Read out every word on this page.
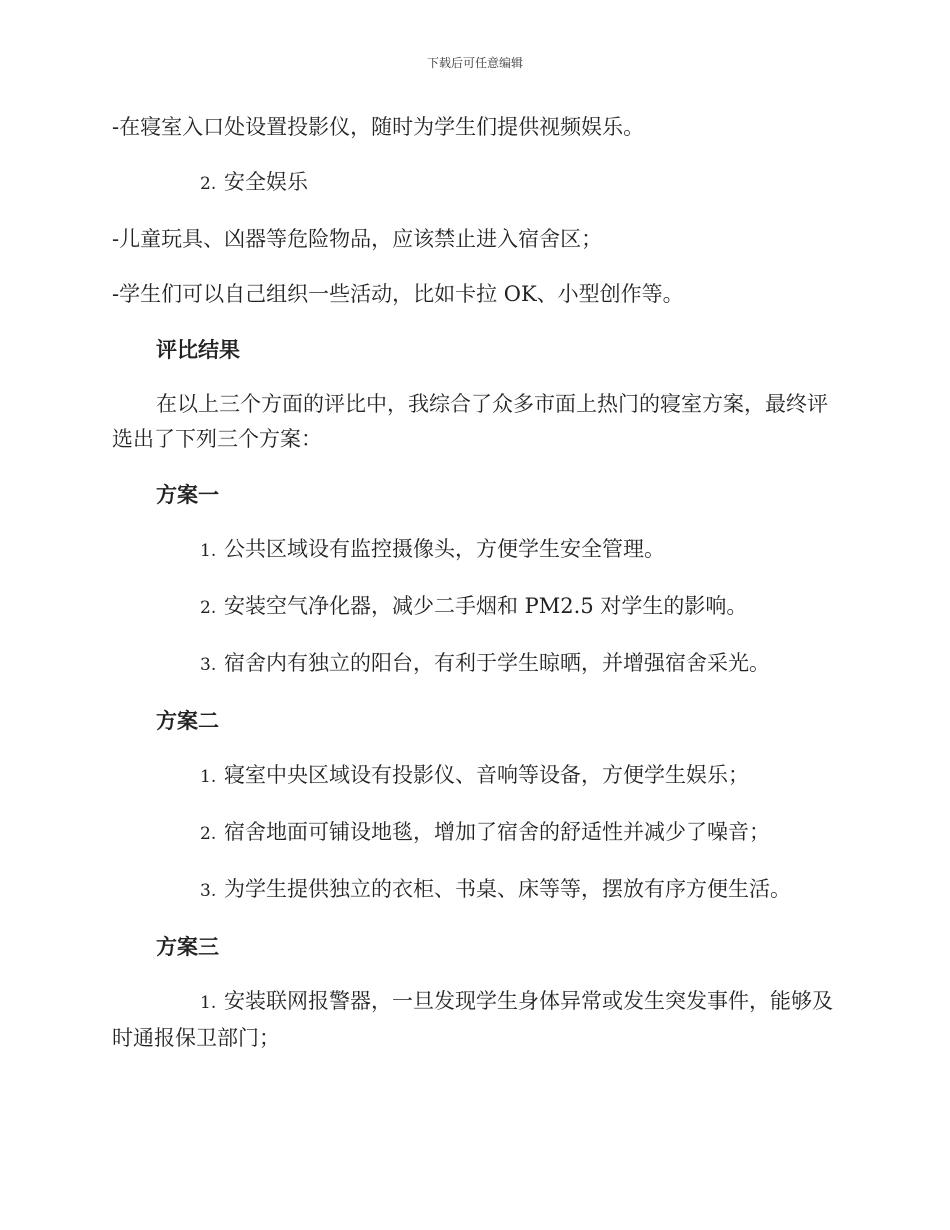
下载后可任意编辑

-在寝室入口处设置投影仪，随时为学生们提供视频娱乐。

2. 安全娱乐

-儿童玩具、凶器等危险物品，应该禁止进入宿舍区；

-学生们可以自己组织一些活动，比如卡拉 OK、小型创作等。

评比结果

在以上三个方面的评比中，我综合了众多市面上热门的寝室方案，最终评选出了下列三个方案：

方案一

1. 公共区域设有监控摄像头，方便学生安全管理。

2. 安装空气净化器，减少二手烟和 PM2.5 对学生的影响。

3. 宿舍内有独立的阳台，有利于学生晾晒，并增强宿舍采光。

方案二

1. 寝室中央区域设有投影仪、音响等设备，方便学生娱乐；

2. 宿舍地面可铺设地毯，增加了宿舍的舒适性并减少了噪音；

3. 为学生提供独立的衣柜、书桌、床等等，摆放有序方便生活。

方案三

1. 安装联网报警器，一旦发现学生身体异常或发生突发事件，能够及时通报保卫部门；
